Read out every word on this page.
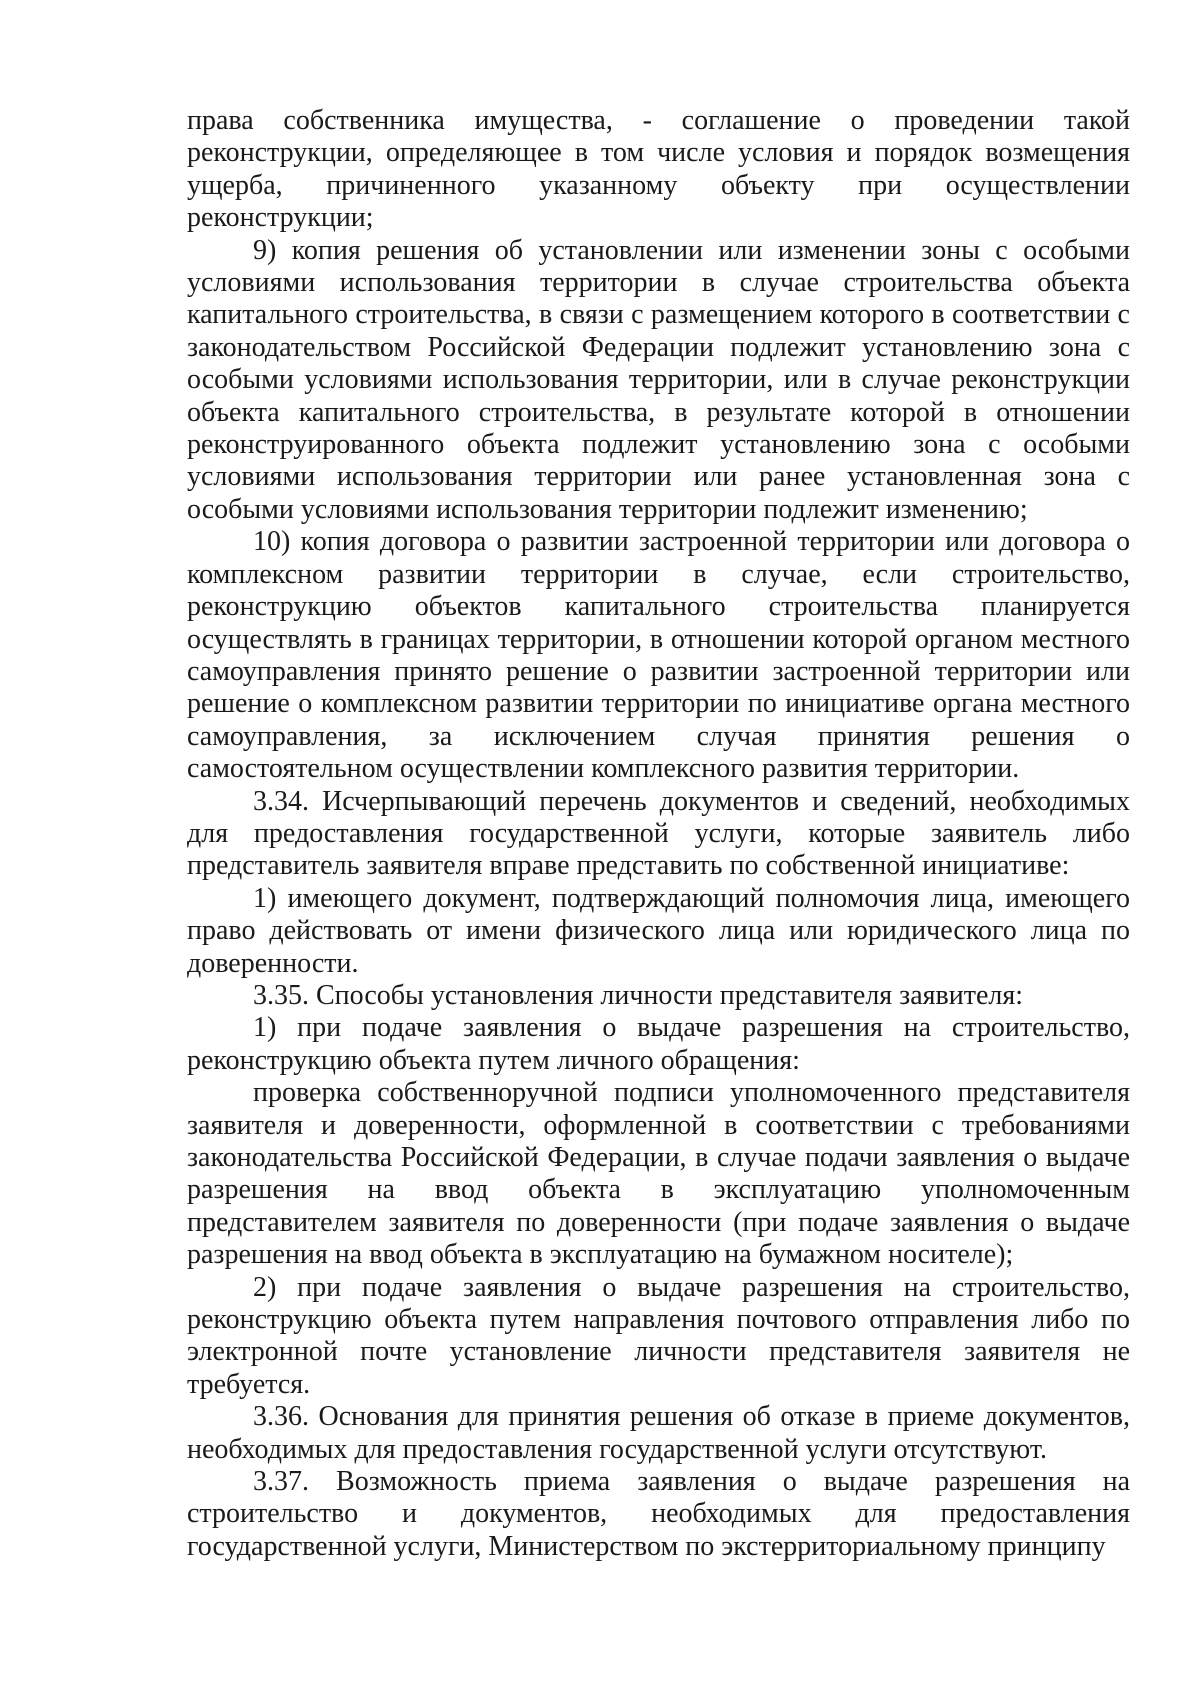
права собственника имущества, - соглашение о проведении такой реконструкции, определяющее в том числе условия и порядок возмещения ущерба, причиненного указанному объекту при осуществлении реконструкции;

9) копия решения об установлении или изменении зоны с особыми условиями использования территории в случае строительства объекта капитального строительства, в связи с размещением которого в соответствии с законодательством Российской Федерации подлежит установлению зона с особыми условиями использования территории, или в случае реконструкции объекта капитального строительства, в результате которой в отношении реконструированного объекта подлежит установлению зона с особыми условиями использования территории или ранее установленная зона с особыми условиями использования территории подлежит изменению;

10) копия договора о развитии застроенной территории или договора о комплексном развитии территории в случае, если строительство, реконструкцию объектов капитального строительства планируется осуществлять в границах территории, в отношении которой органом местного самоуправления принято решение о развитии застроенной территории или решение о комплексном развитии территории по инициативе органа местного самоуправления, за исключением случая принятия решения о самостоятельном осуществлении комплексного развития территории.

3.34. Исчерпывающий перечень документов и сведений, необходимых для предоставления государственной услуги, которые заявитель либо представитель заявителя вправе представить по собственной инициативе:

1) имеющего документ, подтверждающий полномочия лица, имеющего право действовать от имени физического лица или юридического лица по доверенности.

3.35. Способы установления личности представителя заявителя:

1) при подаче заявления о выдаче разрешения на строительство, реконструкцию объекта путем личного обращения:

проверка собственноручной подписи уполномоченного представителя заявителя и доверенности, оформленной в соответствии с требованиями законодательства Российской Федерации, в случае подачи заявления о выдаче разрешения на ввод объекта в эксплуатацию уполномоченным представителем заявителя по доверенности (при подаче заявления о выдаче разрешения на ввод объекта в эксплуатацию на бумажном носителе);

2) при подаче заявления о выдаче разрешения на строительство, реконструкцию объекта путем направления почтового отправления либо по электронной почте установление личности представителя заявителя не требуется.

3.36. Основания для принятия решения об отказе в приеме документов, необходимых для предоставления государственной услуги отсутствуют.

3.37. Возможность приема заявления о выдаче разрешения на строительство и документов, необходимых для предоставления государственной услуги, Министерством по экстерриториальному принципу
